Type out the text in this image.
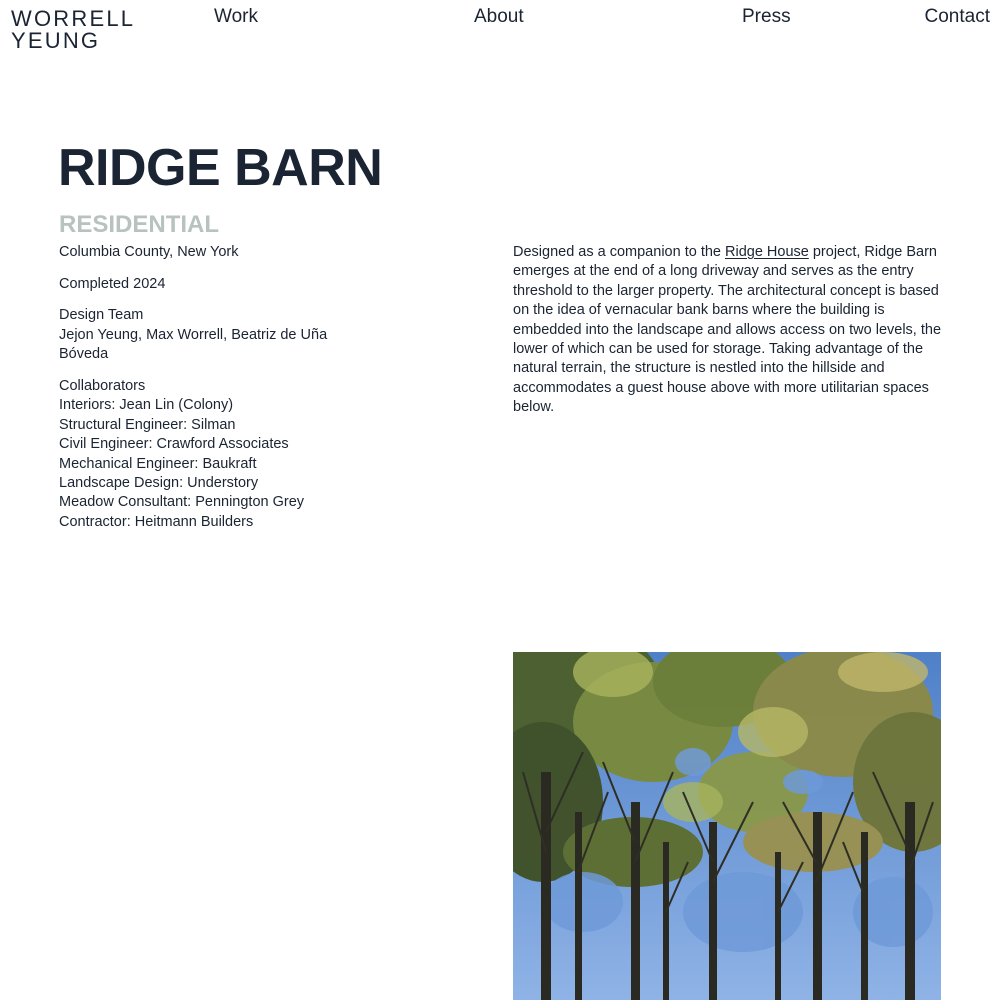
WORRELL
YEUNG
Work	About	Press	Contact
RIDGE BARN
RESIDENTIAL

Columbia County, New York

Completed 2024

Design Team
Jejon Yeung, Max Worrell, Beatriz de Uña Bóveda

Collaborators
Interiors: Jean Lin (Colony)
Structural Engineer: Silman
Civil Engineer: Crawford Associates
Mechanical Engineer: Baukraft
Landscape Design: Understory
Meadow Consultant: Pennington Grey
Contractor: Heitmann Builders

Designed as a companion to the Ridge House project, Ridge Barn emerges at the end of a long driveway and serves as the entry threshold to the larger property. The architectural concept is based on the idea of vernacular bank barns where the building is embedded into the landscape and allows access on two levels, the lower of which can be used for storage. Taking advantage of the natural terrain, the structure is nestled into the hillside and accommodates a guest house above with more utilitarian spaces below.
